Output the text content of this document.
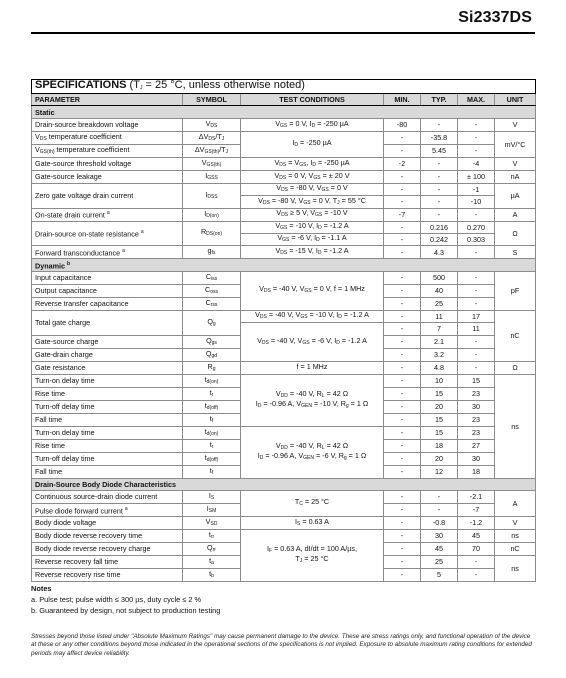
Si2337DS
SPECIFICATIONS ($T_J = 25$ °C, unless otherwise noted)						
PARAMETER	SYMBOL	TEST CONDITIONS	MIN.	TYP.	MAX.	UNIT
Static						
Drain-source breakdown voltage	$V_{DS}$	$V_{GS} = 0$ V, $I_D = -250$ µA	-80	-	-	V
$V_{DS}$ temperature coefficient	$\Delta V_{DS}/T_J$	$I_D = -250$ µA	-	-35.8	-	mV/°C
$V_{GS(th)}$ temperature coefficient	$\Delta V_{GS(th)}/T_J$		-	5.45	-	
Gate-source threshold voltage	$V_{GS(th)}$	$V_{DS} = V_{GS}$, $I_D = -250$ µA	-2	-	-4	V
Gate-source leakage	$I_{GSS}$	$V_{DS} = 0$ V, $V_{GS}$ = ± 20 V	-	-	± 100	nA
Zero gate voltage drain current	$I_{DSS}$	$V_{DS} = -80$ V, $V_{GS} = 0$ V	-	-	-1	µA
		$V_{DS} = -80$ V, $V_{GS} = 0$ V, $T_J = 55$ °C	-	-	-10	
On-state drain current $^a$	$I_{D(on)}$	$V_{DS} \ge 5$ V, $V_{GS} = -10$ V	-7	-	-	A
Drain-source on-state resistance $^a$	$R_{DS(on)}$	$V_{GS} = -10$ V, $I_D = -1.2$ A	-	0.216	0.270	Ω
		$V_{GS} = -6$ V, $I_D = -1.1$ A	-	0.242	0.303	
Forward transconductance $^a$	$g_{fs}$	$V_{DS} = -15$ V, $I_D = -1.2$ A	-	4.3	-	S
Dynamic $^b$
Input capacitance	$C_{iss}$	$V_{DS} = -40$ V, $V_{GS} = 0$ V, f = 1 MHz	-	500	-	pF
Output capacitance	$C_{oss}$		-	40	-	
Reverse transfer capacitance	$C_{rss}$		-	25	-	
Total gate charge	$Q_g$	$V_{DS} = -40$ V, $V_{GS} = -10$ V, $I_D = -1.2$ A	-	11	17	nC
		$V_{DS} = -40$ V, $V_{GS} = -6$ V, $I_D = -1.2$ A	-	7	11	
Gate-source charge	$Q_{gs}$		-	2.1	-	
Gate-drain charge	$Q_{gd}$		-	3.2	-	
Gate resistance	$R_g$	f = 1 MHz	-	4.8	-	Ω
Turn-on delay time	$t_{d(on)}$	$V_{DD} = -40$ V, $R_L = 42$ Ω
$I_D = -0.96$ A, $V_{GEN} = -10$ V, $R_g = 1$ Ω	-	10	15	ns
Rise time	$t_r$		-	15	23	
Turn-off delay time	$t_{d(off)}$		-	20	30	
Fall time	$t_f$		-	15	23	
Turn-on delay time	$t_{d(on)}$	$V_{DD} = -40$ V, $R_L = 42$ Ω
$I_D = -0.96$ A, $V_{GEN} = -6$ V, $R_g = 1$ Ω	-	15	23	
Rise time	$t_r$		-	18	27	
Turn-off delay time	$t_{d(off)}$		-	20	30	
Fall time	$t_f$		-	12	18	
Drain-Source Body Diode Characteristics						
Continuous source-drain diode current	$I_S$	$T_C = 25$ °C	-	-	-2.1	A
Pulse diode forward current $^a$	$I_{SM}$		-	-	-7	
Body diode voltage	$V_{SD}$	$I_S = 0.63$ A	-	-0.8	-1.2	V
Body diode reverse recovery time	$t_{rr}$	$I_F = 0.63$ A, dI/dt = 100 A/µs,
$T_J = 25$ °C	-	30	45	ns
Body diode reverse recovery charge	$Q_{rr}$		-	45	70	nC
Reverse recovery fall time	$t_a$		-	25	-	ns
Reverse recovery rise time	$t_b$		-	5	-	
Notes
a. Pulse test; pulse width ≤ 300 µs, duty cycle ≤ 2 %
b. Guaranteed by design, not subject to production testing
Stresses beyond those listed under "Absolute Maximum Ratings" may cause permanent damage to the device. These are stress ratings only, and functional operation of the device at these or any other conditions beyond those indicated in the operational sections of the specifications is not implied. Exposure to absolute maximum rating conditions for extended periods may affect device reliability.
